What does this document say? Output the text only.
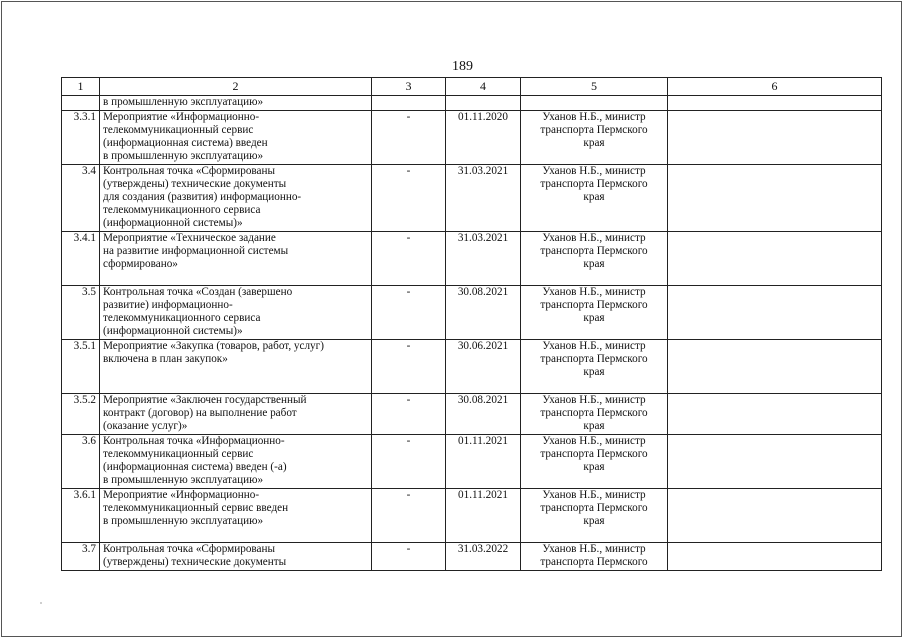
189
1	2	3	4	5	6
	в промышленную эксплуатацию»				
3.3.1	Мероприятие «Информационно-
телекоммуникационный сервис
(информационная система) введен
в промышленную эксплуатацию»	-	01.11.2020	Уханов Н.Б., министр
транспорта Пермского
края	
3.4	Контрольная точка «Сформированы
(утверждены) технические документы
для создания (развития) информационно-
телекоммуникационного сервиса
(информационной системы)»	-	31.03.2021	Уханов Н.Б., министр
транспорта Пермского
края	
3.4.1	Мероприятие «Техническое задание
на развитие информационной системы
сформировано»	-	31.03.2021	Уханов Н.Б., министр
транспорта Пермского
края	
3.5	Контрольная точка «Создан (завершено
развитие) информационно-
телекоммуникационного сервиса
(информационной системы)»	-	30.08.2021	Уханов Н.Б., министр
транспорта Пермского
края	
3.5.1	Мероприятие «Закупка (товаров, работ, услуг)
включена в план закупок»	-	30.06.2021	Уханов Н.Б., министр
транспорта Пермского
края	
3.5.2	Мероприятие «Заключен государственный
контракт (договор) на выполнение работ
(оказание услуг)»	-	30.08.2021	Уханов Н.Б., министр
транспорта Пермского
края	
3.6	Контрольная точка «Информационно-
телекоммуникационный сервис
(информационная система) введен (-а)
в промышленную эксплуатацию»	-	01.11.2021	Уханов Н.Б., министр
транспорта Пермского
края	
3.6.1	Мероприятие «Информационно-
телекоммуникационный сервис введен
в промышленную эксплуатацию»	-	01.11.2021	Уханов Н.Б., министр
транспорта Пермского
края	
3.7	Контрольная точка «Сформированы
(утверждены) технические документы	-	31.03.2022	Уханов Н.Б., министр
транспорта Пермского	
